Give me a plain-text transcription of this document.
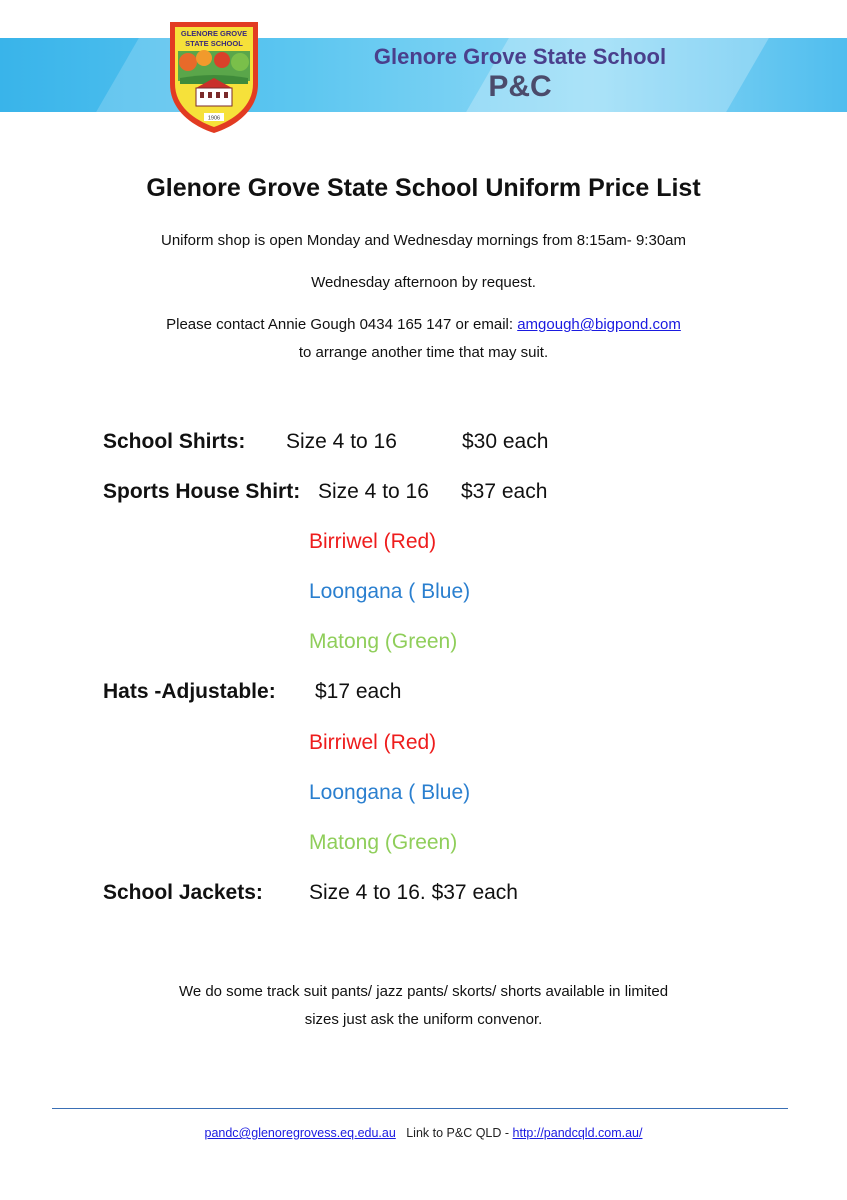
Glenore Grove State School
P&C
GLENORE GROVE
STATE SCHOOL
1906
Glenore Grove State School Uniform Price List
Uniform shop is open Monday and Wednesday mornings from 8:15am- 9:30am
Wednesday afternoon by request.
Please contact Annie Gough 0434 165 147 or email: amgough@bigpond.com
to arrange another time that may suit.
School Shirts: Size 4 to 16	$30 each
Sports House Shirt: Size 4 to 16 $37 each
Birriwel (Red)
Loongana ( Blue)
Matong (Green)
Hats -Adjustable: $17 each
Birriwel (Red)
Loongana ( Blue)
Matong (Green)
School Jackets: Size 4 to 16. $37 each
We do some track suit pants/ jazz pants/ skorts/ shorts available in limited
sizes just ask the uniform convenor.
pandc@glenoregrovess.eq.edu.au Link to P&C QLD - http://pandcqld.com.au/
